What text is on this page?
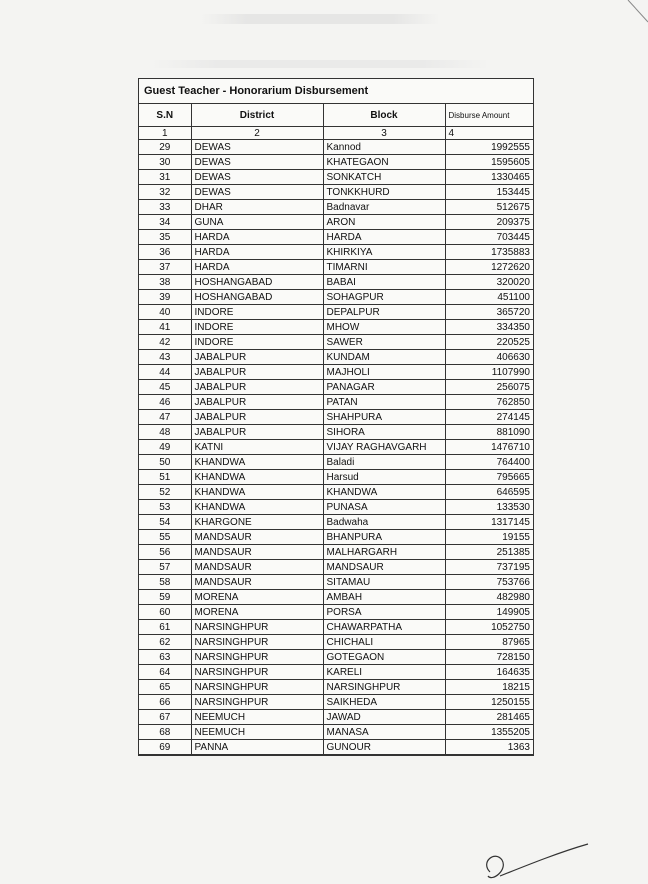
Guest Teacher - Honorarium Disbursement
S.N	District	Block	Disburse Amount
1	2	3	4
29	DEWAS	Kannod	1992555
30	DEWAS	KHATEGAON	1595605
31	DEWAS	SONKATCH	1330465
32	DEWAS	TONKKHURD	153445
33	DHAR	Badnavar	512675
34	GUNA	ARON	209375
35	HARDA	HARDA	703445
36	HARDA	KHIRKIYA	1735883
37	HARDA	TIMARNI	1272620
38	HOSHANGABAD	BABAI	320020
39	HOSHANGABAD	SOHAGPUR	451100
40	INDORE	DEPALPUR	365720
41	INDORE	MHOW	334350
42	INDORE	SAWER	220525
43	JABALPUR	KUNDAM	406630
44	JABALPUR	MAJHOLI	1107990
45	JABALPUR	PANAGAR	256075
46	JABALPUR	PATAN	762850
47	JABALPUR	SHAHPURA	274145
48	JABALPUR	SIHORA	881090
49	KATNI	VIJAY RAGHAVGARH	1476710
50	KHANDWA	Baladi	764400
51	KHANDWA	Harsud	795665
52	KHANDWA	KHANDWA	646595
53	KHANDWA	PUNASA	133530
54	KHARGONE	Badwaha	1317145
55	MANDSAUR	BHANPURA	19155
56	MANDSAUR	MALHARGARH	251385
57	MANDSAUR	MANDSAUR	737195
58	MANDSAUR	SITAMAU	753766
59	MORENA	AMBAH	482980
60	MORENA	PORSA	149905
61	NARSINGHPUR	CHAWARPATHA	1052750
62	NARSINGHPUR	CHICHALI	87965
63	NARSINGHPUR	GOTEGAON	728150
64	NARSINGHPUR	KARELI	164635
65	NARSINGHPUR	NARSINGHPUR	18215
66	NARSINGHPUR	SAIKHEDA	1250155
67	NEEMUCH	JAWAD	281465
68	NEEMUCH	MANASA	1355205
69	PANNA	GUNOUR	1363
